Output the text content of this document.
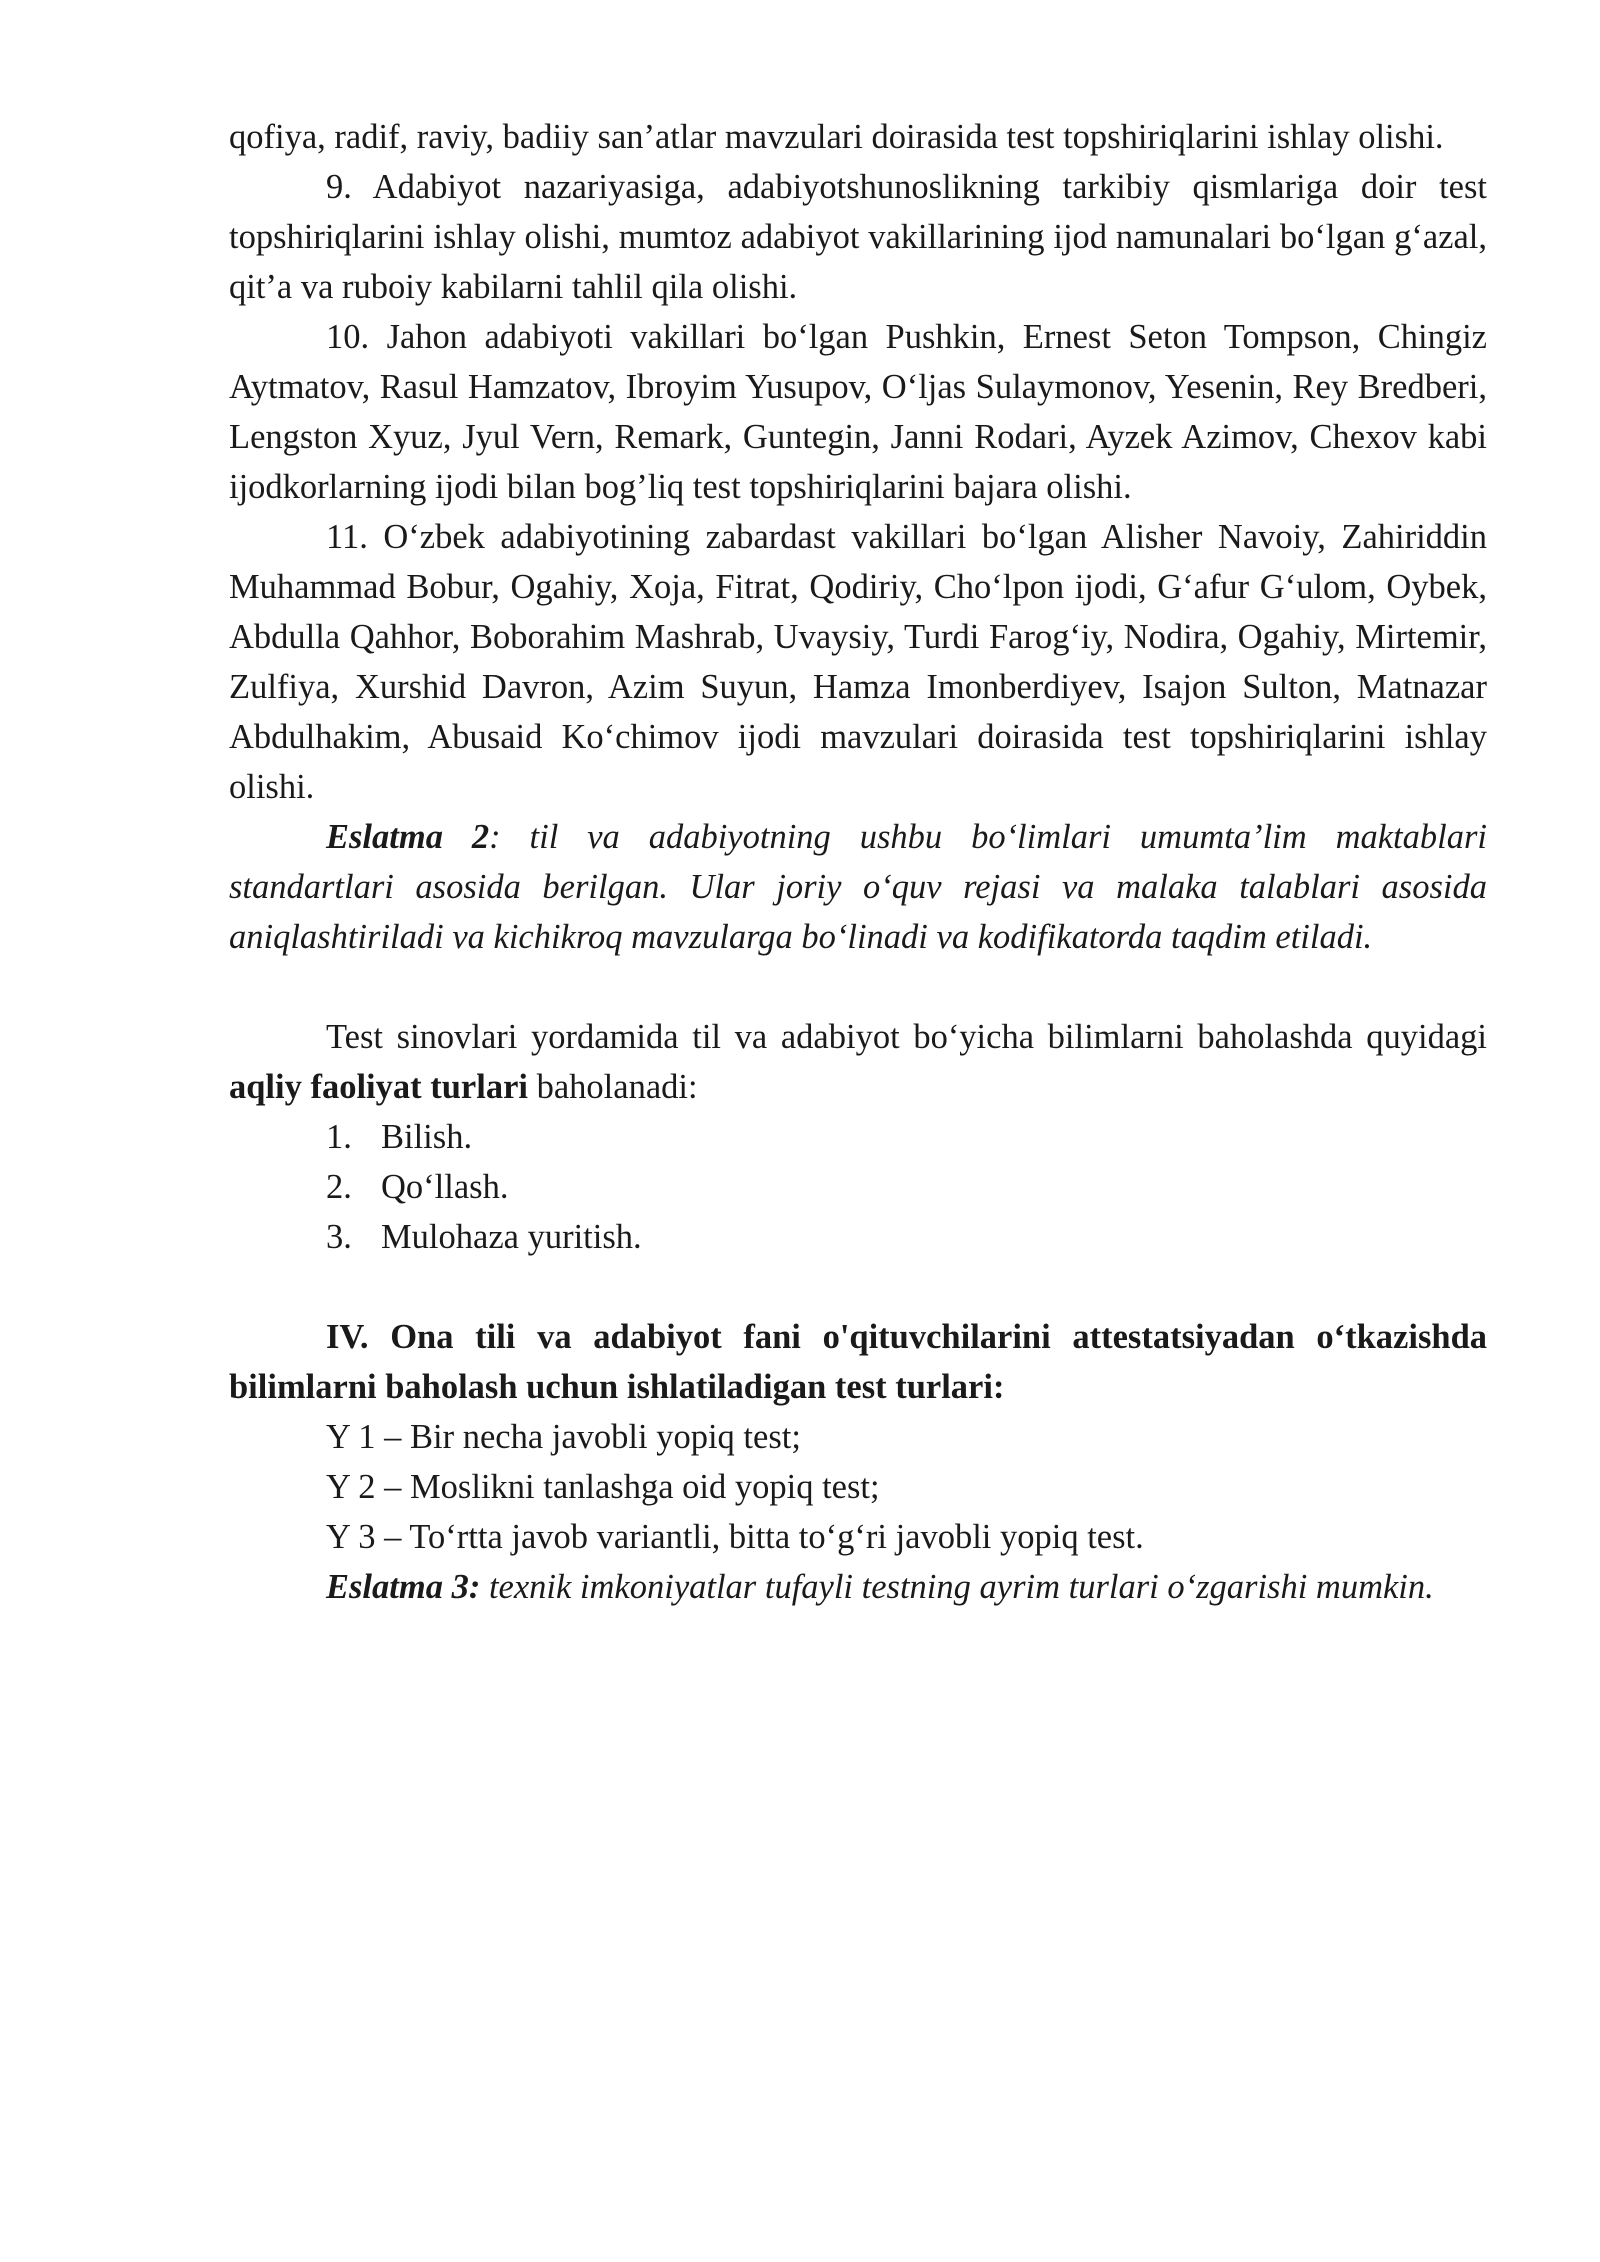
qofiya, radif, raviy, badiiy san’atlar mavzulari doirasida test topshiriqlarini ishlay olishi.

9. Adabiyot nazariyasiga, adabiyotshunoslikning tarkibiy qismlariga doir test topshiriqlarini ishlay olishi, mumtoz adabiyot vakillarining ijod namunalari bo‘lgan g‘azal, qit’a va ruboiy kabilarni tahlil qila olishi.

10. Jahon adabiyoti vakillari bo‘lgan Pushkin, Ernest Seton Tompson, Chingiz Aytmatov, Rasul Hamzatov, Ibroyim Yusupov, O‘ljas Sulaymonov, Yesenin, Rey Bredberi, Lengston Xyuz, Jyul Vern, Remark, Guntegin, Janni Rodari, Ayzek Azimov, Chexov kabi ijodkorlarning ijodi bilan bog’liq test topshiriqlarini bajara olishi.

11. O‘zbek adabiyotining zabardast vakillari bo‘lgan Alisher Navoiy, Zahiriddin Muhammad Bobur, Ogahiy, Xoja, Fitrat, Qodiriy, Cho‘lpon ijodi, G‘afur G‘ulom, Oybek, Abdulla Qahhor, Boborahim Mashrab, Uvaysiy, Turdi Farog‘iy, Nodira, Ogahiy, Mirtemir, Zulfiya, Xurshid Davron, Azim Suyun, Hamza Imonberdiyev, Isajon Sulton, Matnazar Abdulhakim, Abusaid Ko‘chimov ijodi mavzulari doirasida test topshiriqlarini ishlay olishi.

Eslatma 2: til va adabiyotning ushbu bo‘limlari umumta’lim maktablari standartlari asosida berilgan. Ular joriy o‘quv rejasi va malaka talablari asosida aniqlashtiriladi va kichikroq mavzularga bo‘linadi va kodifikatorda taqdim etiladi.

Test sinovlari yordamida til va adabiyot bo‘yicha bilimlarni baholashda quyidagi aqliy faoliyat turlari baholanadi:

1. Bilish.
2. Qo‘llash.
3. Mulohaza yuritish.

IV. Ona tili va adabiyot fani o'qituvchilarini attestatsiyadan o‘tkazishda bilimlarni baholash uchun ishlatiladigan test turlari:

Y 1 – Bir necha javobli yopiq test;
Y 2 – Moslikni tanlashga oid yopiq test;
Y 3 – To‘rtta javob variantli, bitta to‘g‘ri javobli yopiq test.

Eslatma 3: texnik imkoniyatlar tufayli testning ayrim turlari o‘zgarishi mumkin.
